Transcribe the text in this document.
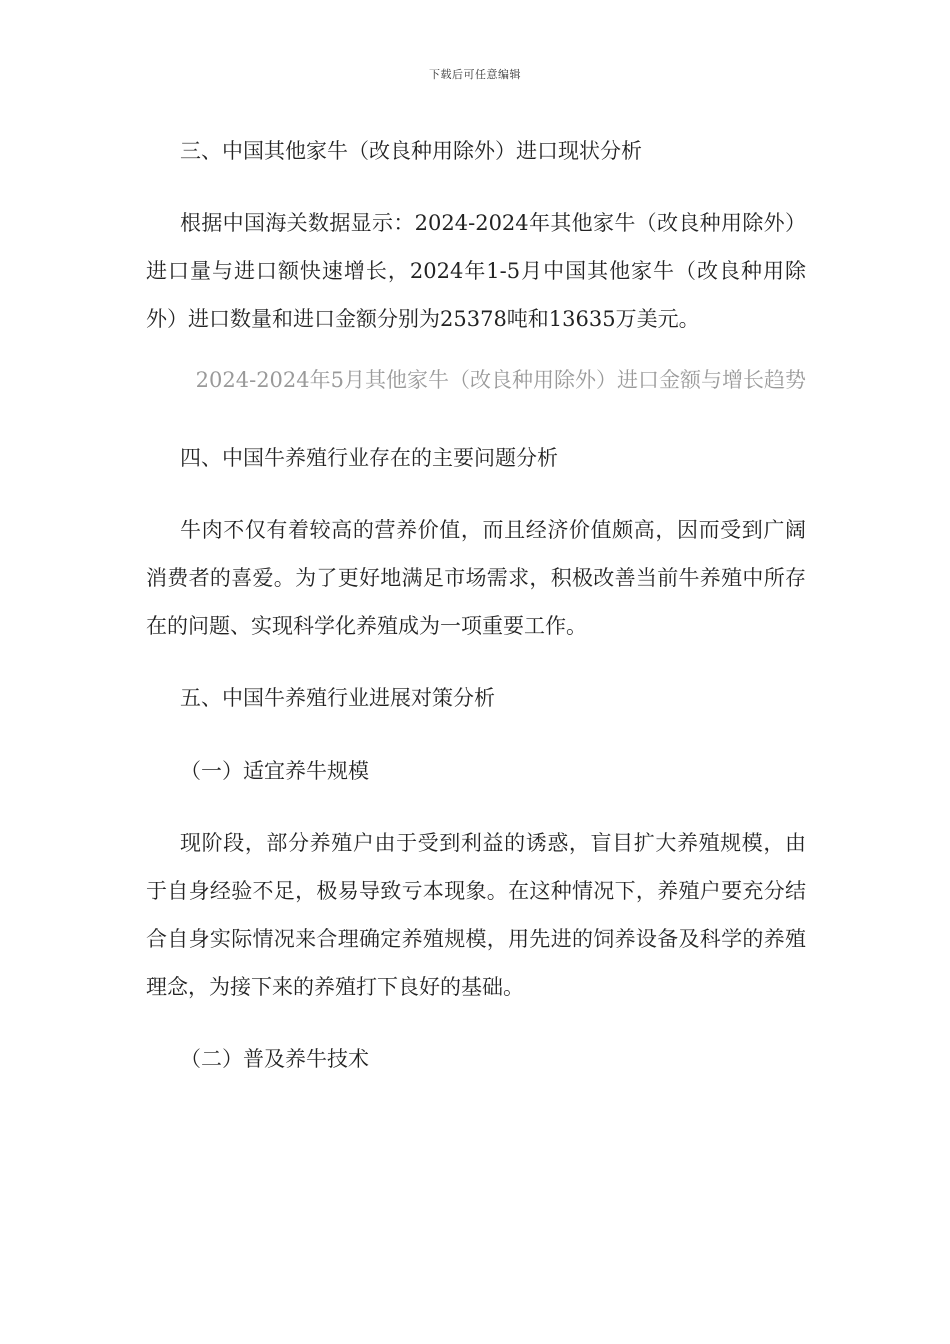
下载后可任意编辑

三、中国其他家牛（改良种用除外）进口现状分析

根据中国海关数据显示：2024-2024年其他家牛（改良种用除外）进口量与进口额快速增长，2024年1-5月中国其他家牛（改良种用除外）进口数量和进口金额分别为25378吨和13635万美元。

2024-2024年5月其他家牛（改良种用除外）进口金额与增长趋势

四、中国牛养殖行业存在的主要问题分析

牛肉不仅有着较高的营养价值，而且经济价值颇高，因而受到广阔消费者的喜爱。为了更好地满足市场需求，积极改善当前牛养殖中所存在的问题、实现科学化养殖成为一项重要工作。

五、中国牛养殖行业进展对策分析

（一）适宜养牛规模

现阶段，部分养殖户由于受到利益的诱惑，盲目扩大养殖规模，由于自身经验不足，极易导致亏本现象。在这种情况下，养殖户要充分结合自身实际情况来合理确定养殖规模，用先进的饲养设备及科学的养殖理念，为接下来的养殖打下良好的基础。

（二）普及养牛技术
